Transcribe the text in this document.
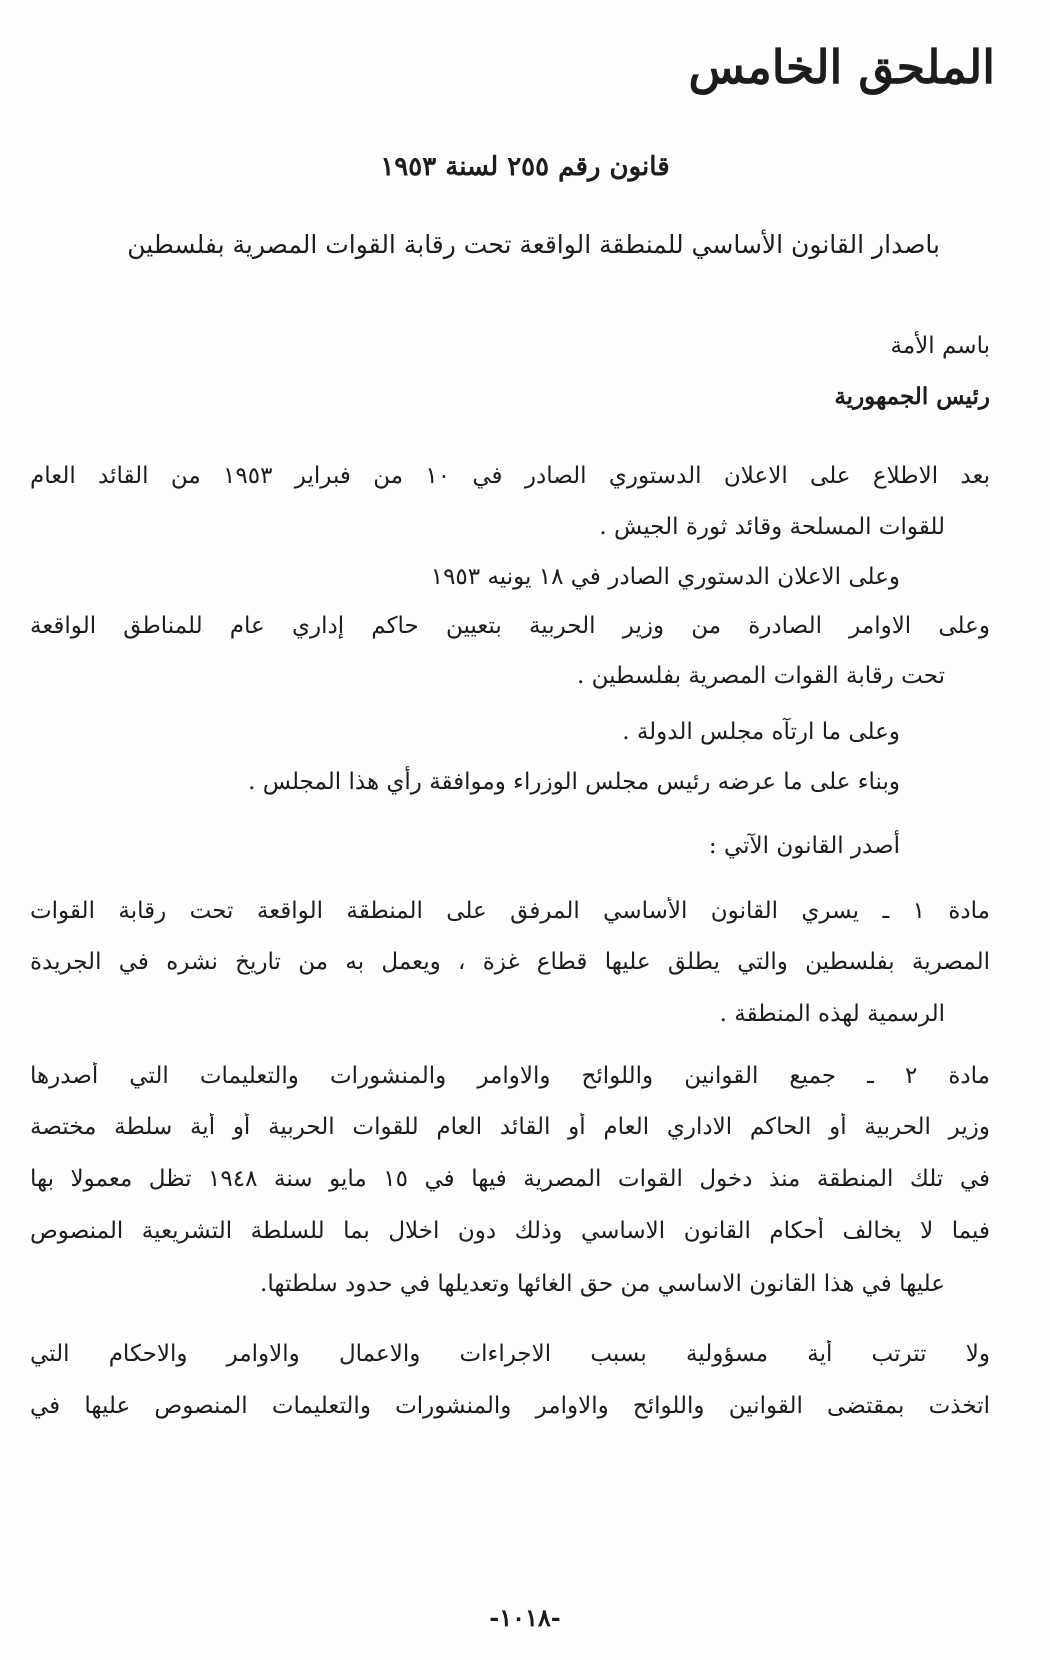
الملحق الخامس
قانون رقم ٢٥٥ لسنة ١٩٥٣
باصدار القانون الأساسي للمنطقة الواقعة تحت رقابة القوات المصرية بفلسطين
باسم الأمة
رئيس الجمهورية
بعد الاطلاع على الاعلان الدستوري الصادر في ١٠ من فبراير ١٩٥٣ من القائد العام
للقوات المسلحة وقائد ثورة الجيش .
وعلى الاعلان الدستوري الصادر في ١٨ يونيه ١٩٥٣
وعلى الاوامر الصادرة من وزير الحربية بتعيين حاكم إداري عام للمناطق الواقعة
تحت رقابة القوات المصرية بفلسطين .
وعلى ما ارتآه مجلس الدولة .
وبناء على ما عرضه رئيس مجلس الوزراء وموافقة رأي هذا المجلس .
أصدر القانون الآتي :
مادة ١ ـ يسري القانون الأساسي المرفق على المنطقة الواقعة تحت رقابة القوات
المصرية بفلسطين والتي يطلق عليها قطاع غزة ، ويعمل به من تاريخ نشره في الجريدة
الرسمية لهذه المنطقة .
مادة ٢ ـ جميع القوانين واللوائح والاوامر والمنشورات والتعليمات التي أصدرها
وزير الحربية أو الحاكم الاداري العام أو القائد العام للقوات الحربية أو أية سلطة مختصة
في تلك المنطقة منذ دخول القوات المصرية فيها في ١٥ مايو سنة ١٩٤٨ تظل معمولا بها
فيما لا يخالف أحكام القانون الاساسي وذلك دون اخلال بما للسلطة التشريعية المنصوص
عليها في هذا القانون الاساسي من حق الغائها وتعديلها في حدود سلطتها.
ولا تترتب أية مسؤولية بسبب الاجراءات والاعمال والاوامر والاحكام التي
اتخذت بمقتضى القوانين واللوائح والاوامر والمنشورات والتعليمات المنصوص عليها في
-١٠١٨-
